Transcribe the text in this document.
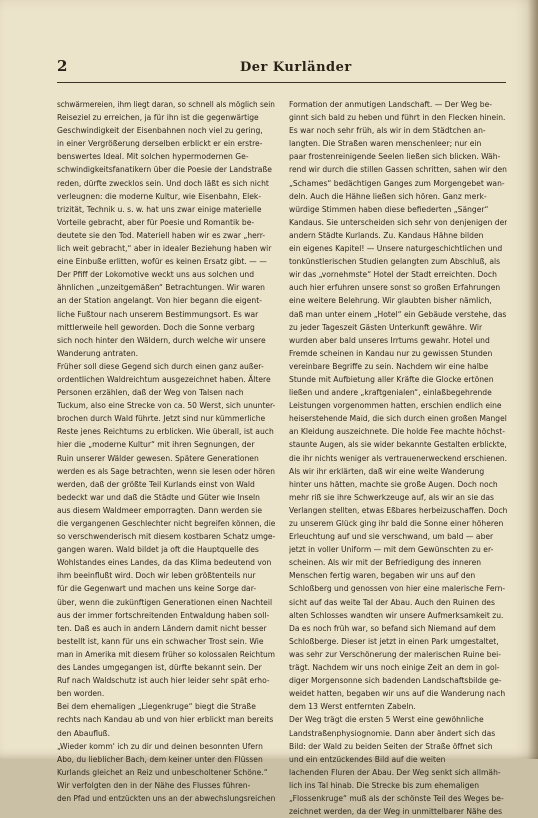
2	Der Kurländer
schwärmereien, ihm liegt daran, so schnell als möglich sein
Reiseziel zu erreichen, ja für ihn ist die gegenwärtige
Geschwindigkeit der Eisenbahnen noch viel zu gering,
in einer Vergrößerung derselben erblickt er ein erstre-
benswertes Ideal. Mit solchen hypermodernen Ge-
schwindigkeitsfanatikern über die Poesie der Landstraße
reden, dürfte zwecklos sein. Und doch läßt es sich nicht
verleugnen: die moderne Kultur, wie Eisenbahn, Elek-
trizität, Technik u. s. w. hat uns zwar einige materielle
Vorteile gebracht, aber für Poesie und Romantik be-
deutete sie den Tod. Materiell haben wir es zwar „herr-
lich weit gebracht,“ aber in idealer Beziehung haben wir
eine Einbuße erlitten, wofür es keinen Ersatz gibt. — —
Der Pfiff der Lokomotive weckt uns aus solchen und
ähnlichen „unzeitgemäßen“ Betrachtungen. Wir waren
an der Station angelangt. Von hier begann die eigent-
liche Fußtour nach unserem Bestimmungsort. Es war
mittlerweile hell geworden. Doch die Sonne verbarg
sich noch hinter den Wäldern, durch welche wir unsere
Wanderung antraten.
Früher soll diese Gegend sich durch einen ganz außer-
ordentlichen Waldreichtum ausgezeichnet haben. Ältere
Personen erzählen, daß der Weg von Talsen nach
Tuckum, also eine Strecke von ca. 50 Werst, sich ununter-
brochen durch Wald führte. Jetzt sind nur kümmerliche
Reste jenes Reichtums zu erblicken. Wie überall, ist auch
hier die „moderne Kultur“ mit ihren Segnungen, der
Ruin unserer Wälder gewesen. Spätere Generationen
werden es als Sage betrachten, wenn sie lesen oder hören
werden, daß der größte Teil Kurlands einst von Wald
bedeckt war und daß die Städte und Güter wie Inseln
aus diesem Waldmeer emporragten. Dann werden sie
die vergangenen Geschlechter nicht begreifen können, die
so verschwenderisch mit diesem kostbaren Schatz umge-
gangen waren. Wald bildet ja oft die Hauptquelle des
Wohlstandes eines Landes, da das Klima bedeutend von
ihm beeinflußt wird. Doch wir leben größtenteils nur
für die Gegenwart und machen uns keine Sorge dar-
über, wenn die zukünftigen Generationen einen Nachteil
aus der immer fortschreitenden Entwaldung haben soll-
ten. Daß es auch in andern Ländern damit nicht besser
bestellt ist, kann für uns ein schwacher Trost sein. Wie
man in Amerika mit diesem früher so kolossalen Reichtum
des Landes umgegangen ist, dürfte bekannt sein. Der
Ruf nach Waldschutz ist auch hier leider sehr spät erho-
ben worden.
Bei dem ehemaligen „Liegenkruge“ biegt die Straße
rechts nach Kandau ab und von hier erblickt man bereits
den Abaufluß.
„Wieder komm' ich zu dir und deinen besonnten Ufern
Abo, du lieblicher Bach, dem keiner unter den Flüssen
Kurlands gleichet an Reiz und unbescholtener Schöne.“
Wir verfolgten den in der Nähe des Flusses führen-
den Pfad und entzückten uns an der abwechslungsreichen
Formation der anmutigen Landschaft. — Der Weg be-
ginnt sich bald zu heben und führt in den Flecken hinein.
Es war noch sehr früh, als wir in dem Städtchen an-
langten. Die Straßen waren menschenleer; nur ein
paar frostenreinigende Seelen ließen sich blicken. Wäh-
rend wir durch die stillen Gassen schritten, sahen wir den
„Schames“ bedächtigen Ganges zum Morgengebet wan-
deln. Auch die Hähne ließen sich hören. Ganz merk-
würdige Stimmen haben diese befiederten „Sänger“
Kandaus. Sie unterscheiden sich sehr von denjenigen der
andern Städte Kurlands. Zu. Kandaus Hähne bilden
ein eigenes Kapitel! — Unsere naturgeschichtlichen und
tonkünstlerischen Studien gelangten zum Abschluß, als
wir das „vornehmste“ Hotel der Stadt erreichten. Doch
auch hier erfuhren unsere sonst so großen Erfahrungen
eine weitere Belehrung. Wir glaubten bisher nämlich,
daß man unter einem „Hotel“ ein Gebäude verstehe, das
zu jeder Tageszeit Gästen Unterkunft gewähre. Wir
wurden aber bald unseres Irrtums gewahr. Hotel und
Fremde scheinen in Kandau nur zu gewissen Stunden
vereinbare Begriffe zu sein. Nachdem wir eine halbe
Stunde mit Aufbietung aller Kräfte die Glocke ertönen
ließen und andere „kraftgenialen“, einlaßbegehrende
Leistungen vorgenommen hatten, erschien endlich eine
heiserstehende Maid, die sich durch einen großen Mangel
an Kleidung auszeichnete. Die holde Fee machte höchst-
staunte Augen, als sie wider bekannte Gestalten erblickte,
die ihr nichts weniger als vertrauenerweckend erschienen.
Als wir ihr erklärten, daß wir eine weite Wanderung
hinter uns hätten, machte sie große Augen. Doch noch
mehr riß sie ihre Schwerkzeuge auf, als wir an sie das
Verlangen stellten, etwas Eßbares herbeizuschaffen. Doch
zu unserem Glück ging ihr bald die Sonne einer höheren
Erleuchtung auf und sie verschwand, um bald — aber
jetzt in voller Uniform — mit dem Gewünschten zu er-
scheinen. Als wir mit der Befriedigung des inneren
Menschen fertig waren, begaben wir uns auf den
Schloßberg und genossen von hier eine malerische Fern-
sicht auf das weite Tal der Abau. Auch den Ruinen des
alten Schlosses wandten wir unsere Aufmerksamkeit zu.
Da es noch früh war, so befand sich Niemand auf dem
Schloßberge. Dieser ist jetzt in einen Park umgestaltet,
was sehr zur Verschönerung der malerischen Ruine bei-
trägt. Nachdem wir uns noch einige Zeit an dem in gol-
diger Morgensonne sich badenden Landschaftsbilde ge-
weidet hatten, begaben wir uns auf die Wanderung nach
dem 13 Werst entfernten Zabeln.
Der Weg trägt die ersten 5 Werst eine gewöhnliche
Landstraßenphysiognomie. Dann aber ändert sich das
Bild: der Wald zu beiden Seiten der Straße öffnet sich
und ein entzückendes Bild auf die weiten
lachenden Fluren der Abau. Der Weg senkt sich allmäh-
lich ins Tal hinab. Die Strecke bis zum ehemaligen
„Flossenkruge“ muß als der schönste Teil des Weges be-
zeichnet werden, da der Weg in unmittelbarer Nähe des
